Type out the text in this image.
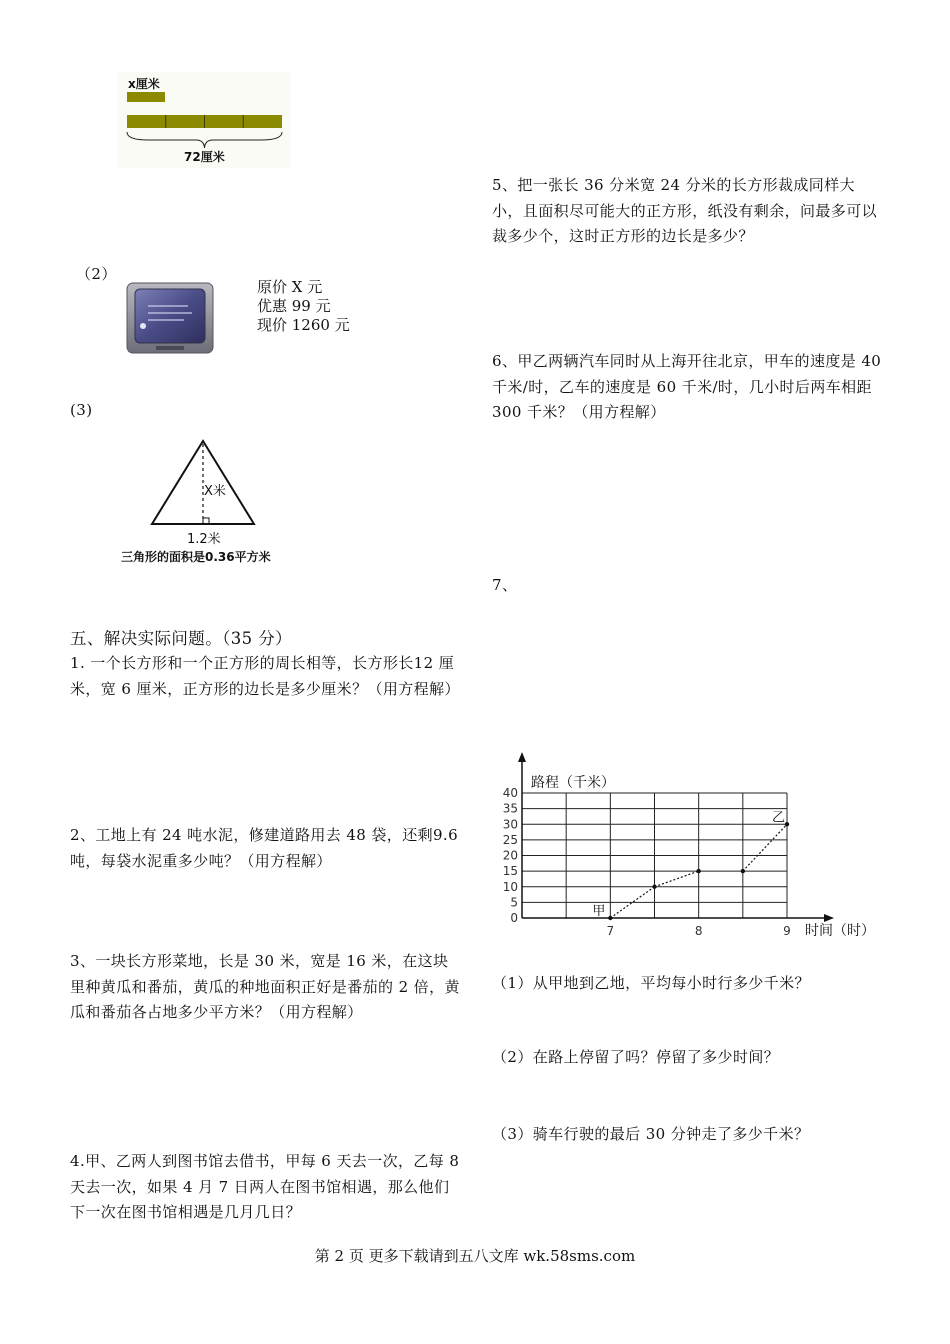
x厘米
72厘米
（2）
原价 X 元
优惠 99 元
现价 1260 元
(3)
X米
1.2米
三角形的面积是0.36平方米
五、解决实际问题。（35 分）
1. 一个长方形和一个正方形的周长相等，长方形长12 厘米，宽 6 厘米，正方形的边长是多少厘米？（用方程解）
2、工地上有 24 吨水泥，修建道路用去 48 袋，还剩9.6 吨，每袋水泥重多少吨？（用方程解）
3、一块长方形菜地，长是 30 米，宽是 16 米，在这块里种黄瓜和番茄，黄瓜的种地面积正好是番茄的 2 倍，黄瓜和番茄各占地多少平方米？（用方程解）
4.甲、乙两人到图书馆去借书，甲每 6 天去一次，乙每 8 天去一次，如果 4 月 7 日两人在图书馆相遇，那么他们下一次在图书馆相遇是几月几日？
5、把一张长 36 分米宽 24 分米的长方形裁成同样大小，且面积尽可能大的正方形，纸没有剩余，问最多可以裁多少个，这时正方形的边长是多少？
6、甲乙两辆汽车同时从上海开往北京，甲车的速度是 40 千米/时，乙车的速度是 60 千米/时，几小时后两车相距 300 千米？（用方程解）
7、
40
35
30
25
20
15
10
5
0
7	8	9
甲
乙
路程（千米）
时间（时）
（1）从甲地到乙地，平均每小时行多少千米？
（2）在路上停留了吗？停留了多少时间？
（3）骑车行驶的最后 30 分钟走了多少千米？
第 2 页 更多下载请到五八文库 wk.58sms.com
